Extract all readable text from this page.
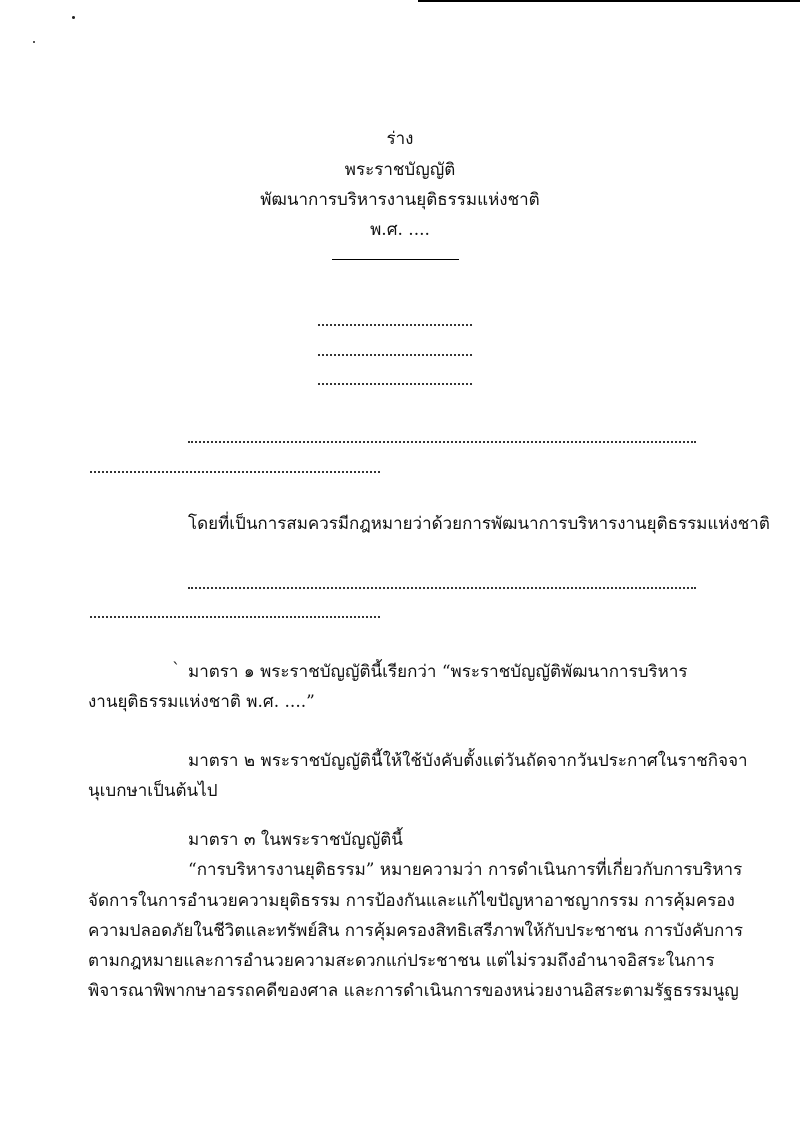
ร่าง
พระราชบัญญัติ
พัฒนาการบริหารงานยุติธรรมแห่งชาติ
พ.ศ. ....
โดยที่เป็นการสมควรมีกฎหมายว่าด้วยการพัฒนาการบริหารงานยุติธรรมแห่งชาติ
` มาตรา ๑ พระราชบัญญัตินี้เรียกว่า “พระราชบัญญัติพัฒนาการบริหาร
งานยุติธรรมแห่งชาติ พ.ศ. ....”
มาตรา ๒ พระราชบัญญัตินี้ให้ใช้บังคับตั้งแต่วันถัดจากวันประกาศในราชกิจจา
นุเบกษาเป็นต้นไป
มาตรา ๓ ในพระราชบัญญัตินี้
“การบริหารงานยุติธรรม” หมายความว่า การดำเนินการที่เกี่ยวกับการบริหาร
จัดการในการอำนวยความยุติธรรม การป้องกันและแก้ไขปัญหาอาชญากรรม การคุ้มครอง
ความปลอดภัยในชีวิตและทรัพย์สิน การคุ้มครองสิทธิเสรีภาพให้กับประชาชน การบังคับการ
ตามกฎหมายและการอำนวยความสะดวกแก่ประชาชน แต่ไม่รวมถึงอำนาจอิสระในการ
พิจารณาพิพากษาอรรถคดีของศาล และการดำเนินการของหน่วยงานอิสระตามรัฐธรรมนูญ
